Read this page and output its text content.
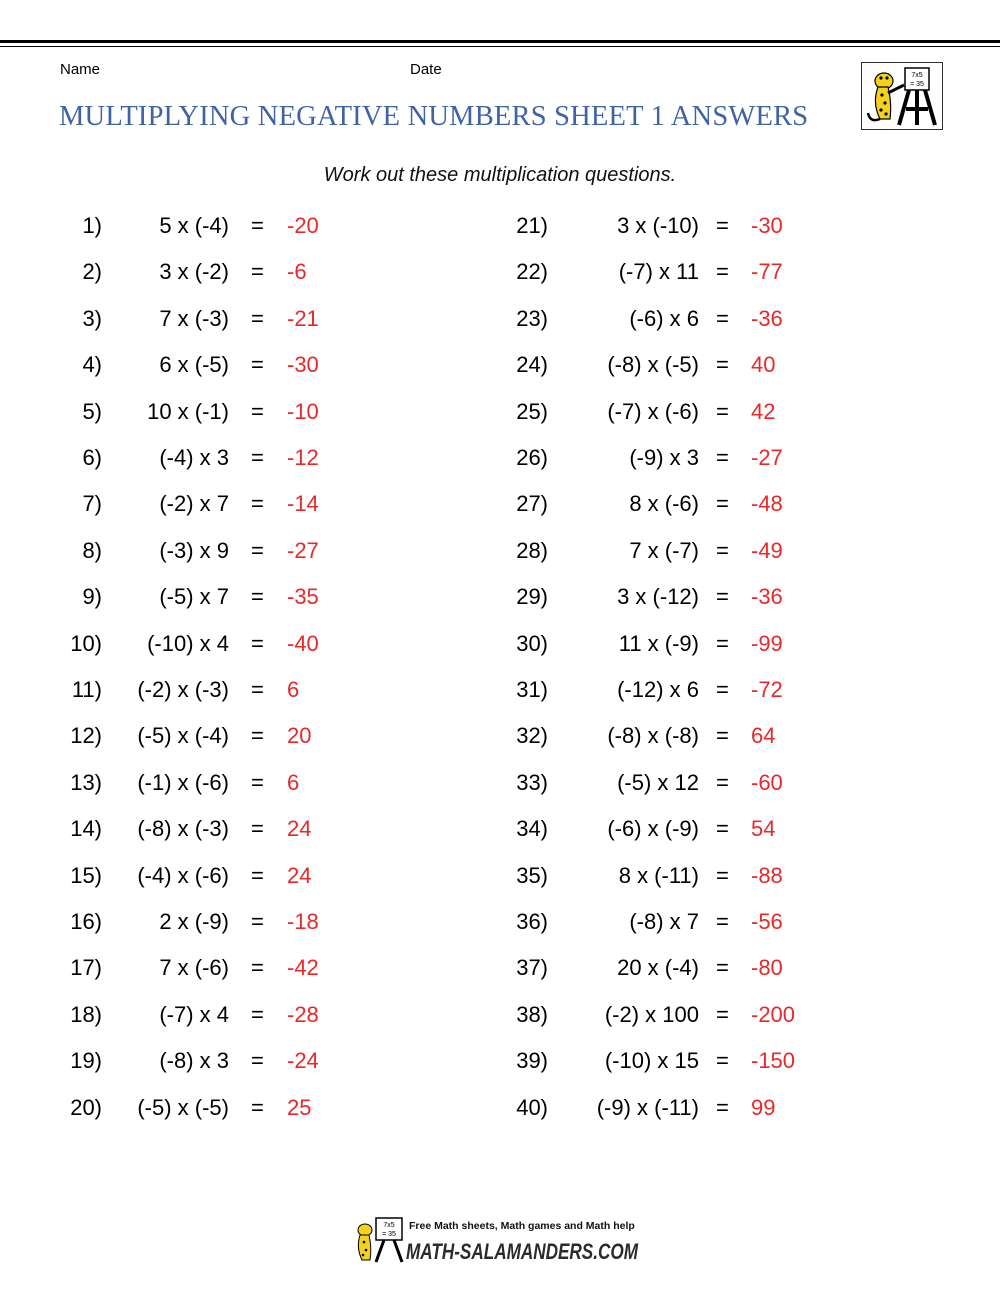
Name	Date
MULTIPLYING NEGATIVE NUMBERS SHEET 1 ANSWERS
7x5
= 35
Work out these multiplication questions.
1)	5 x (-4) = -20
2)	3 x (-2) = -6
3)	7 x (-3) = -21
4)	6 x (-5) = -30
5) 10 x (-1) = -10
6)	(-4) x 3 = -12
7)	(-2) x 7 = -14
8)	(-3) x 9 = -27
9)	(-5) x 7 = -35
10) (-10) x 4 = -40
11) (-2) x (-3) = 6
12) (-5) x (-4) = 20
13) (-1) x (-6) = 6
14) (-8) x (-3) = 24
15) (-4) x (-6) = 24
16)	2 x (-9) = -18
17)	7 x (-6) = -42
18)	(-7) x 4 = -28
19)	(-8) x 3 = -24
20) (-5) x (-5) = 25
21)	3 x (-10) = -30
22)	(-7) x 11 = -77
23)	(-6) x 6 = -36
24)	(-8) x (-5) = 40
25)	(-7) x (-6) = 42
26)	(-9) x 3 = -27
27)	8 x (-6) = -48
28)	7 x (-7) = -49
29)	3 x (-12) = -36
30)	11 x (-9) = -99
31)	(-12) x 6 = -72
32)	(-8) x (-8) = 64
33)	(-5) x 12 = -60
34)	(-6) x (-9) = 54
35)	8 x (-11) = -88
36)	(-8) x 7 = -56
37)	20 x (-4) = -80
38)	(-2) x 100 = -200
39)	(-10) x 15 = -150
40) (-9) x (-11) = 99
7x5
= 35
MATH-SALAMANDERS.COM
Free Math sheets, Math games and Math help
